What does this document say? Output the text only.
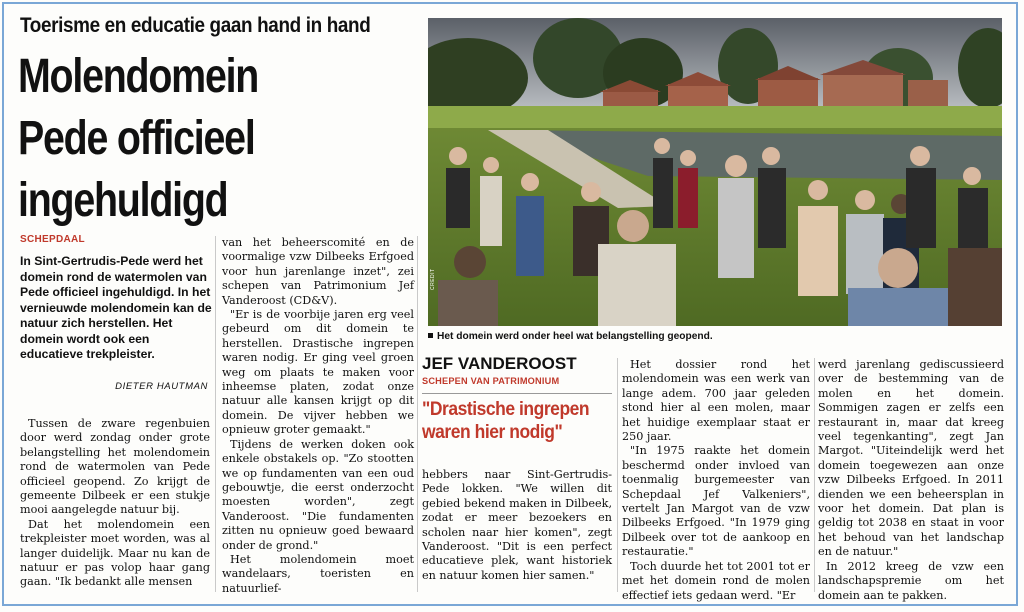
Toerisme en educatie gaan hand in hand
Molendomein
Pede officieel
ingehuldigd
SCHEPDAAL
In Sint-Gertrudis-Pede werd het domein rond de watermolen van Pede officieel ingehuldigd. In het vernieuwde molendomein kan de natuur zich herstellen. Het domein wordt ook een educatieve trekpleister.
DIETER HAUTMAN

Tussen de zware regenbuien door werd zondag onder grote belangstelling het molendomein rond de watermolen van Pede officieel geopend. Zo krijgt de gemeente Dilbeek er een stukje mooi aangelegde natuur bij.

Dat het molendomein een trekpleister moet worden, was al langer duidelijk. Maar nu kan de natuur er pas volop haar gang gaan. "Ik bedankt alle mensen

van het beheerscomité en de voormalige vzw Dilbeeks Erfgoed voor hun jarenlange inzet", zei schepen van Patrimonium Jef Vanderoost (CD&V).

"Er is de voorbije jaren erg veel gebeurd om dit domein te herstellen. Drastische ingrepen waren nodig. Er ging veel groen weg om plaats te maken voor inheemse platen, zodat onze natuur alle kansen krijgt op dit domein. De vijver hebben we opnieuw groter gemaakt."

Tijdens de werken doken ook enkele obstakels op. "Zo stootten we op fundamenten van een oud gebouwtje, die eerst onderzocht moesten worden", zegt Vanderoost. "Die fundamenten zitten nu opnieuw goed bewaard onder de grond."

Het molendomein moet wandelaars, toeristen en natuurlief-

CREDIT
Het domein werd onder heel wat belangstelling geopend.
JEF VANDEROOST
SCHEPEN VAN PATRIMONIUM
"Drastische ingrepen waren hier nodig"

hebbers naar Sint-Gertrudis-Pede lokken. "We willen dit gebied bekend maken in Dilbeek, zodat er meer bezoekers en scholen naar hier komen", zegt Vanderoost. "Dit is een perfect educatieve plek, want historiek en natuur komen hier samen."

Het dossier rond het molendomein was een werk van lange adem. 700 jaar geleden stond hier al een molen, maar het huidige exemplaar staat er 250 jaar.

"In 1975 raakte het domein beschermd onder invloed van toenmalig burgemeester van Schepdaal Jef Valkeniers", vertelt Jan Margot van de vzw Dilbeeks Erfgoed. "In 1979 ging Dilbeek over tot de aankoop en restauratie."

Toch duurde het tot 2001 tot er met het domein rond de molen effectief iets gedaan werd. "Er

werd jarenlang gediscussieerd over de bestemming van de molen en het domein. Sommigen zagen er zelfs een restaurant in, maar dat kreeg veel tegenkanting", zegt Jan Margot. "Uiteindelijk werd het domein toegewezen aan onze vzw Dilbeeks Erfgoed. In 2011 dienden we een beheersplan in voor het domein. Dat plan is geldig tot 2038 en staat in voor het behoud van het landschap en de natuur."

In 2012 kreeg de vzw een landschapspremie om het domein aan te pakken.
